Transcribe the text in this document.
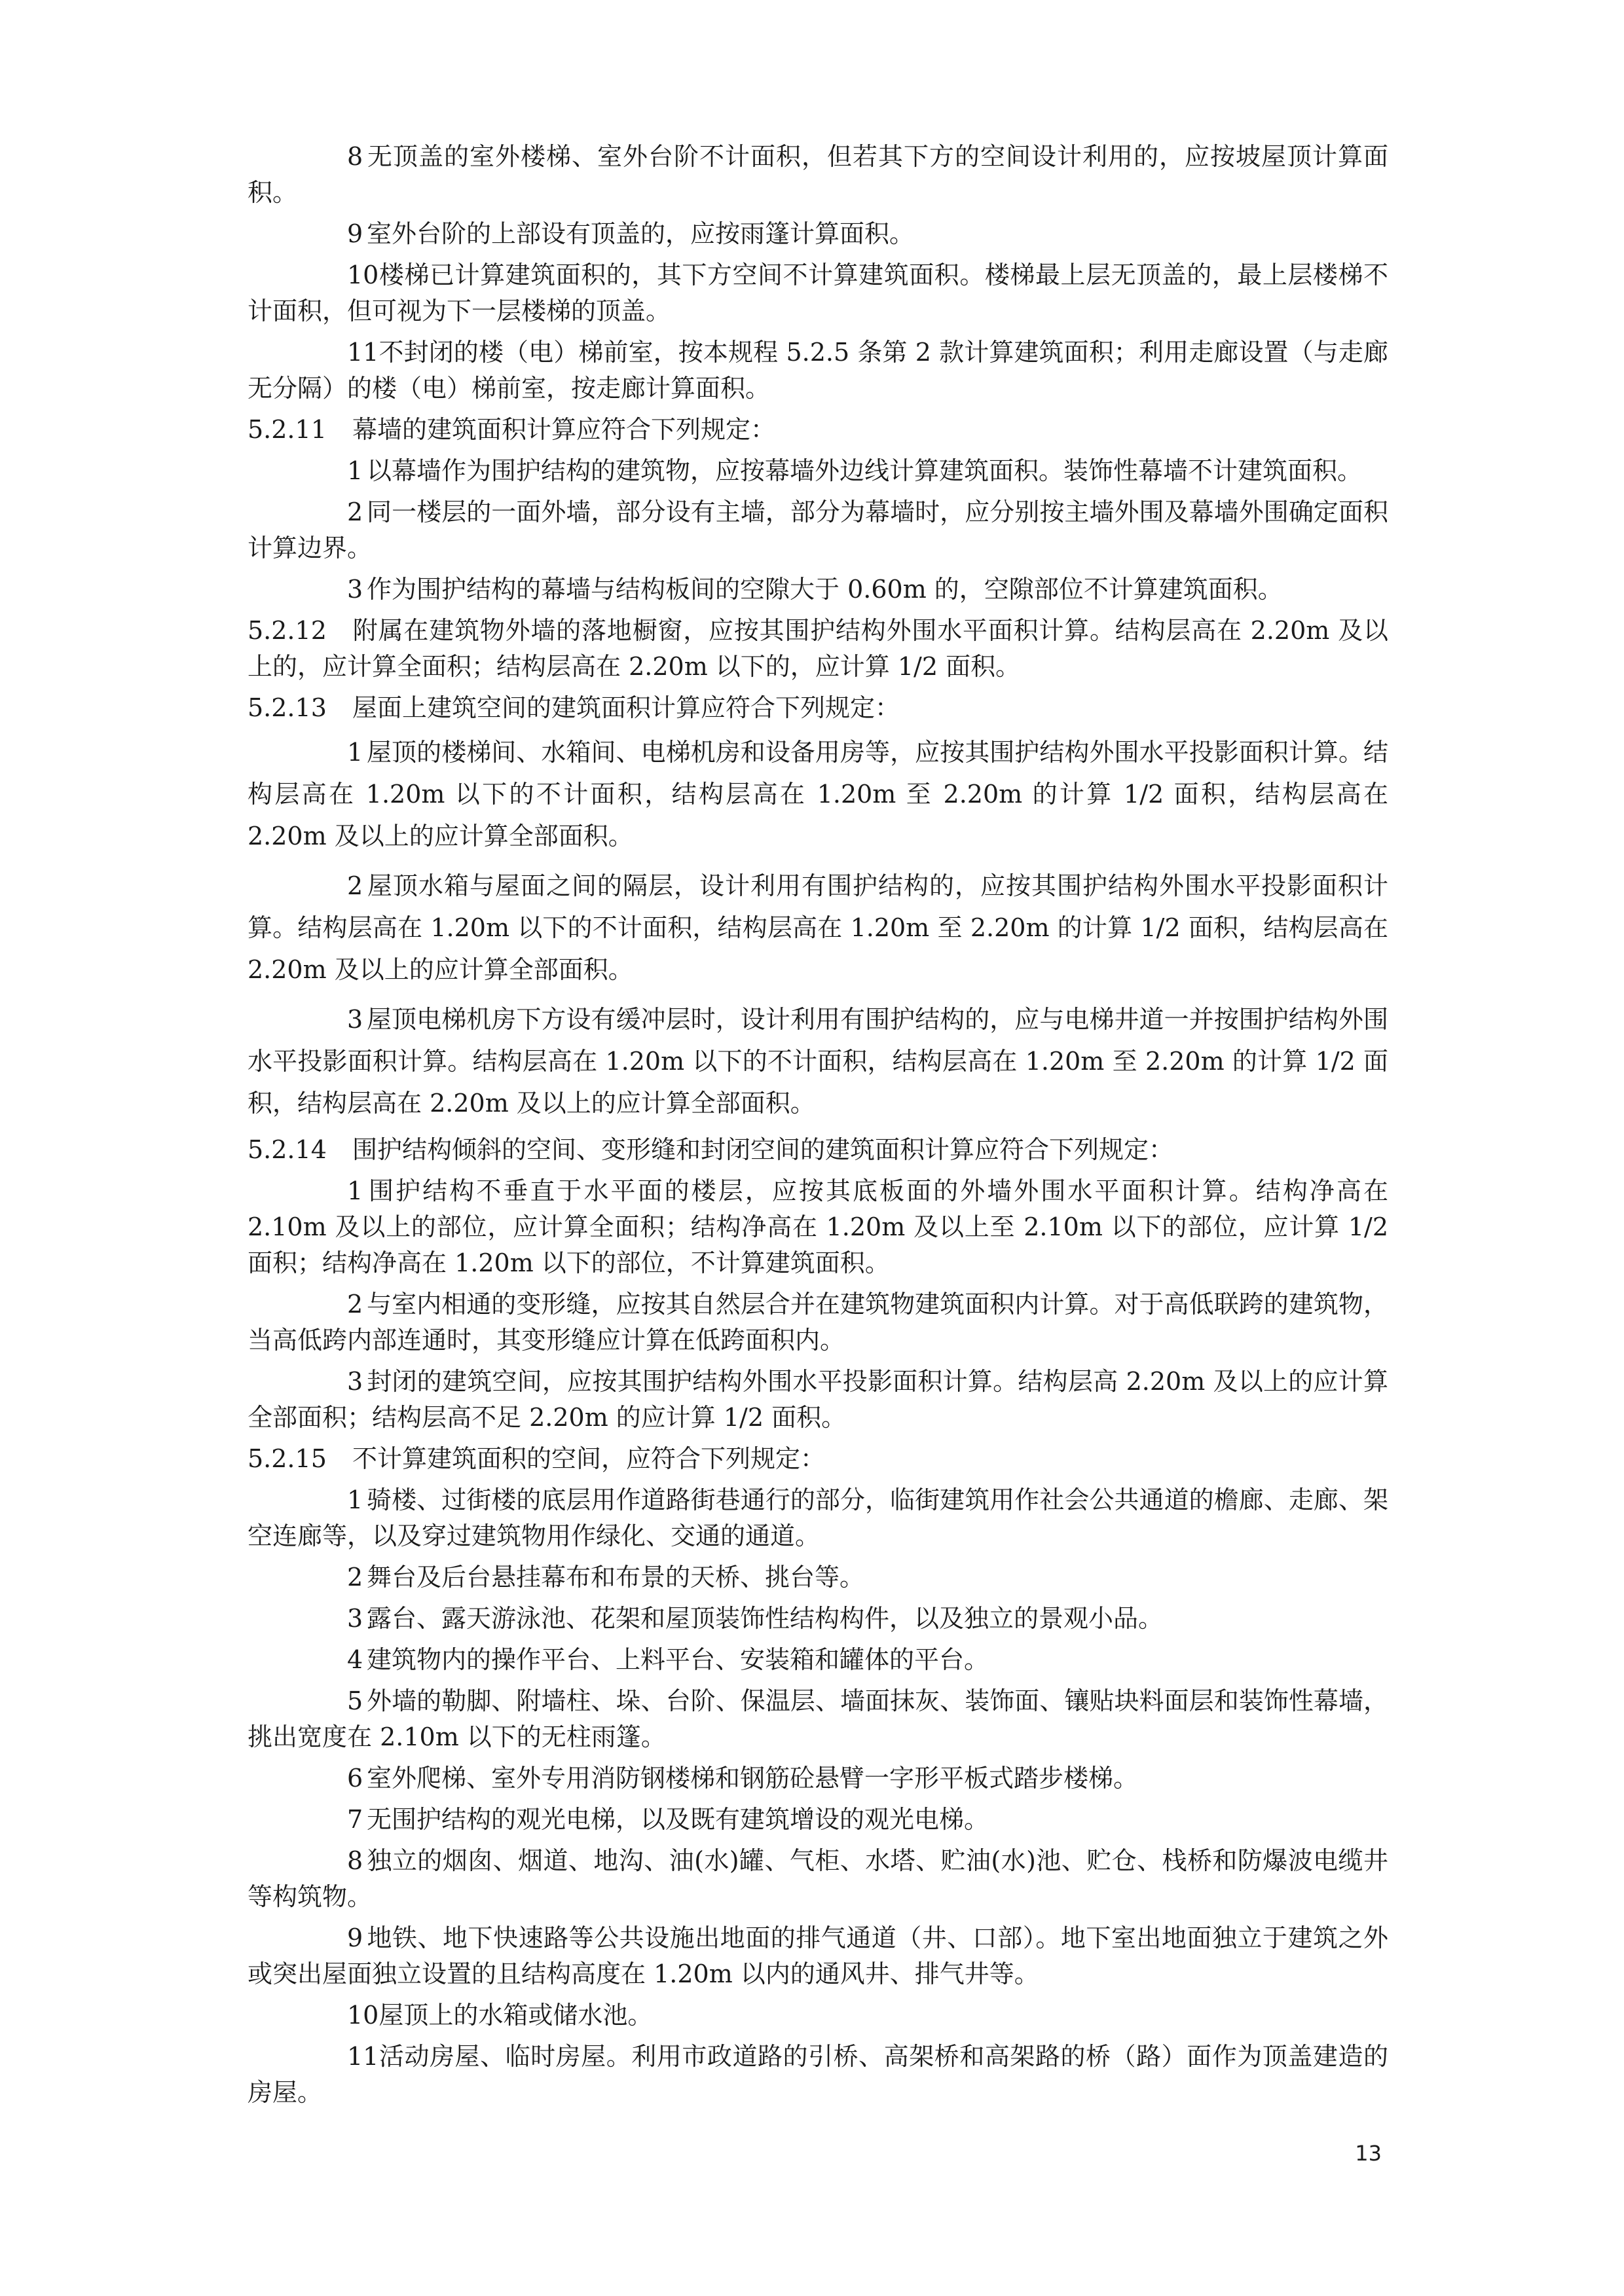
8 无顶盖的室外楼梯、室外台阶不计面积，但若其下方的空间设计利用的，应按坡屋顶计算面积。

9 室外台阶的上部设有顶盖的，应按雨篷计算面积。

10楼梯已计算建筑面积的，其下方空间不计算建筑面积。楼梯最上层无顶盖的，最上层楼梯不计面积，但可视为下一层楼梯的顶盖。

11不封闭的楼（电）梯前室，按本规程 5.2.5 条第 2 款计算建筑面积；利用走廊设置（与走廊无分隔）的楼（电）梯前室，按走廊计算面积。

5.2.11 幕墙的建筑面积计算应符合下列规定：

1 以幕墙作为围护结构的建筑物，应按幕墙外边线计算建筑面积。装饰性幕墙不计建筑面积。

2 同一楼层的一面外墙，部分设有主墙，部分为幕墙时，应分别按主墙外围及幕墙外围确定面积计算边界。

3 作为围护结构的幕墙与结构板间的空隙大于 0.60m 的，空隙部位不计算建筑面积。

5.2.12 附属在建筑物外墙的落地橱窗，应按其围护结构外围水平面积计算。结构层高在 2.20m 及以上的，应计算全面积；结构层高在 2.20m 以下的，应计算 1/2 面积。

5.2.13 屋面上建筑空间的建筑面积计算应符合下列规定：

1 屋顶的楼梯间、水箱间、电梯机房和设备用房等，应按其围护结构外围水平投影面积计算。结构层高在 1.20m 以下的不计面积，结构层高在 1.20m 至 2.20m 的计算 1/2 面积，结构层高在 2.20m 及以上的应计算全部面积。

2 屋顶水箱与屋面之间的隔层，设计利用有围护结构的，应按其围护结构外围水平投影面积计算。结构层高在 1.20m 以下的不计面积，结构层高在 1.20m 至 2.20m 的计算 1/2 面积，结构层高在 2.20m 及以上的应计算全部面积。

3 屋顶电梯机房下方设有缓冲层时，设计利用有围护结构的，应与电梯井道一并按围护结构外围水平投影面积计算。结构层高在 1.20m 以下的不计面积，结构层高在 1.20m 至 2.20m 的计算 1/2 面积，结构层高在 2.20m 及以上的应计算全部面积。

5.2.14 围护结构倾斜的空间、变形缝和封闭空间的建筑面积计算应符合下列规定：

1 围护结构不垂直于水平面的楼层，应按其底板面的外墙外围水平面积计算。结构净高在 2.10m 及以上的部位，应计算全面积；结构净高在 1.20m 及以上至 2.10m 以下的部位，应计算 1/2 面积；结构净高在 1.20m 以下的部位，不计算建筑面积。

2 与室内相通的变形缝，应按其自然层合并在建筑物建筑面积内计算。对于高低联跨的建筑物，当高低跨内部连通时，其变形缝应计算在低跨面积内。

3 封闭的建筑空间，应按其围护结构外围水平投影面积计算。结构层高 2.20m 及以上的应计算全部面积；结构层高不足 2.20m 的应计算 1/2 面积。

5.2.15 不计算建筑面积的空间，应符合下列规定：

1 骑楼、过街楼的底层用作道路街巷通行的部分，临街建筑用作社会公共通道的檐廊、走廊、架空连廊等，以及穿过建筑物用作绿化、交通的通道。

2 舞台及后台悬挂幕布和布景的天桥、挑台等。

3 露台、露天游泳池、花架和屋顶装饰性结构构件，以及独立的景观小品。

4 建筑物内的操作平台、上料平台、安装箱和罐体的平台。

5 外墙的勒脚、附墙柱、垛、台阶、保温层、墙面抹灰、装饰面、镶贴块料面层和装饰性幕墙，挑出宽度在 2.10m 以下的无柱雨篷。

6 室外爬梯、室外专用消防钢楼梯和钢筋砼悬臂一字形平板式踏步楼梯。

7 无围护结构的观光电梯，以及既有建筑增设的观光电梯。

8 独立的烟囱、烟道、地沟、油(水)罐、气柜、水塔、贮油(水)池、贮仓、栈桥和防爆波电缆井等构筑物。

9 地铁、地下快速路等公共设施出地面的排气通道（井、口部）。地下室出地面独立于建筑之外或突出屋面独立设置的且结构高度在 1.20m 以内的通风井、排气井等。

10屋顶上的水箱或储水池。

11活动房屋、临时房屋。利用市政道路的引桥、高架桥和高架路的桥（路）面作为顶盖建造的房屋。

13
